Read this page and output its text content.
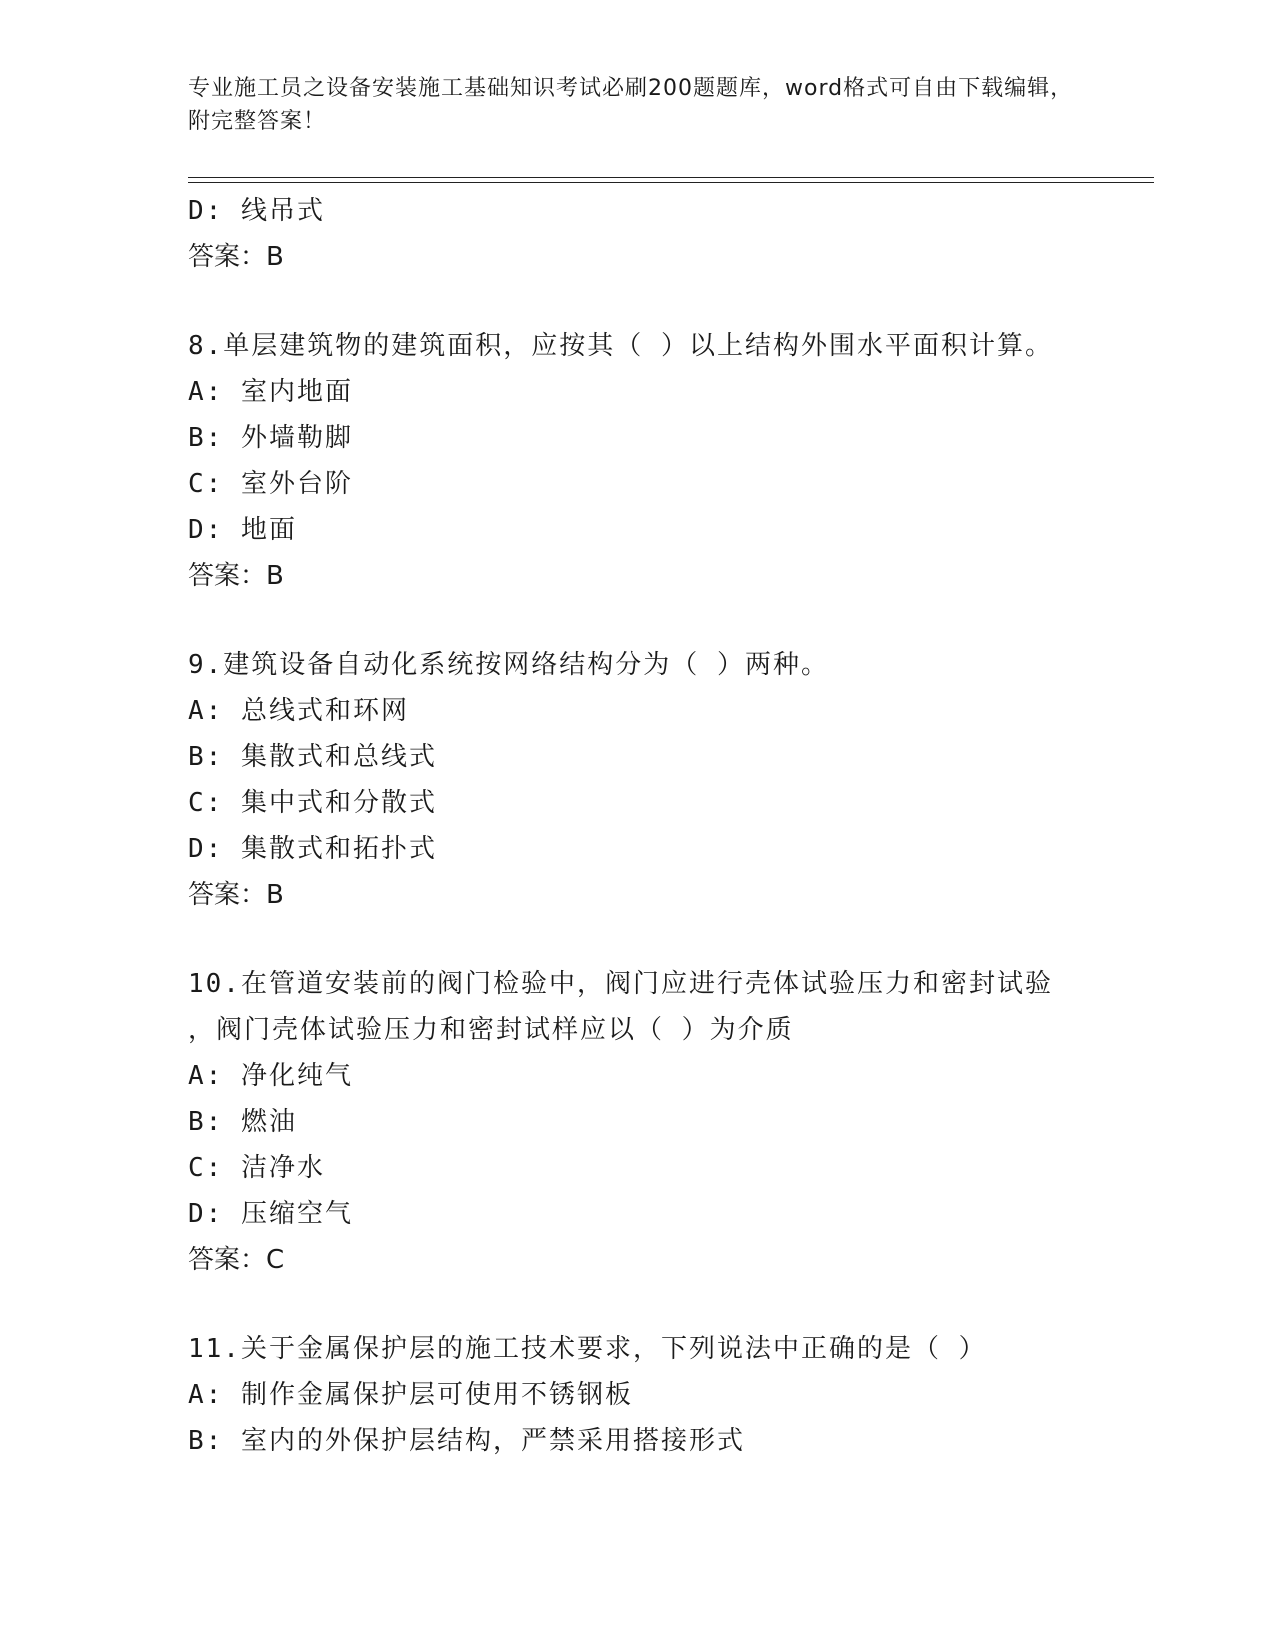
专业施工员之设备安装施工基础知识考试必刷200题题库，word格式可自由下载编辑，附完整答案！
D: 线吊式
答案：B
8.单层建筑物的建筑面积，应按其（ ）以上结构外围水平面积计算。
A: 室内地面
B: 外墙勒脚
C: 室外台阶
D: 地面
答案：B
9.建筑设备自动化系统按网络结构分为（ ）两种。
A: 总线式和环网
B: 集散式和总线式
C: 集中式和分散式
D: 集散式和拓扑式
答案：B
10.在管道安装前的阀门检验中，阀门应进行壳体试验压力和密封试验
，阀门壳体试验压力和密封试样应以（ ）为介质
A: 净化纯气
B: 燃油
C: 洁净水
D: 压缩空气
答案：C
11.关于金属保护层的施工技术要求，下列说法中正确的是（ ）
A: 制作金属保护层可使用不锈钢板
B: 室内的外保护层结构，严禁采用搭接形式
